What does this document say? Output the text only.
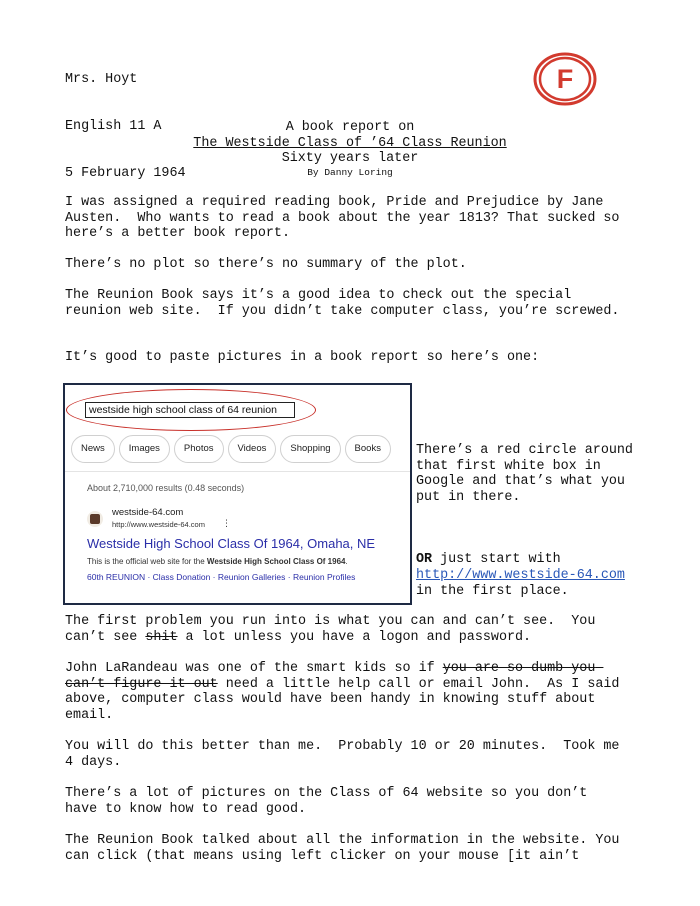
Mrs. Hoyt

English 11 A

5 February 1964

F
A book report on
The Westside Class of ’64 Class Reunion
Sixty years later
By Danny Loring
I was assigned a required reading book, Pride and Prejudice by Jane Austen.  Who wants to read a book about the year 1813? That sucked so here’s a better book report.
There’s no plot so there’s no summary of the plot.
The Reunion Book says it’s a good idea to check out the special reunion web site.  If you didn’t take computer class, you’re screwed.
It’s good to paste pictures in a book report so here’s one:
westside high school class of 64 reunion
News	Images	Photos	Videos	Shopping	Books
About 2,710,000 results (0.48 seconds)
westside-64.com
http://www.westside-64.com ⋮
Westside High School Class Of 1964, Omaha, NE
This is the official web site for the Westside High School Class Of 1964.
60th REUNION · Class Donation · Reunion Galleries · Reunion Profiles

There’s a red circle around that first white box in Google and that’s what you put in there.

OR just start with
http://www.westside-64.com
in the first place.

The first problem you run into is what you can and can’t see.  You can’t see shit a lot unless you have a logon and password.
John LaRandeau was one of the smart kids so if you are so dumb you can’t figure it out need a little help call or email John.  As I said above, computer class would have been handy in knowing stuff about email.
You will do this better than me.  Probably 10 or 20 minutes.  Took me 4 days.
There’s a lot of pictures on the Class of 64 website so you don’t have to know how to read good.
The Reunion Book talked about all the information in the website. You can click (that means using left clicker on your mouse [it ain’t
